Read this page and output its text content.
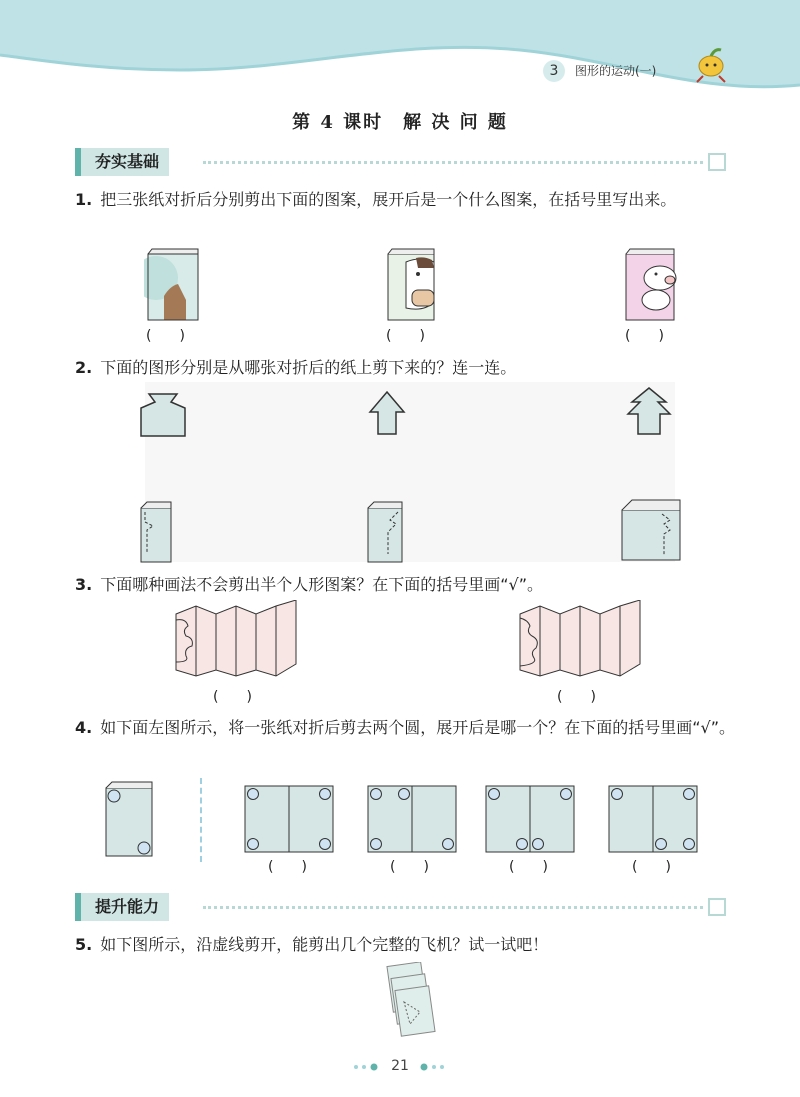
3	图形的运动(一)
第 4 课时　解 决 问 题
夯实基础
1. 把三张纸对折后分别剪出下面的图案，展开后是一个什么图案，在括号里写出来。
(　　)	(　　)	(　　)
2. 下面的图形分别是从哪张对折后的纸上剪下来的？连一连。
3. 下面哪种画法不会剪出半个人形图案？在下面的括号里画“√”。
(　　)	(　　)
4. 如下面左图所示，将一张纸对折后剪去两个圆，展开后是哪一个？在下面的括号里画“√”。
(　　)	(　　)	(　　)	(　　)
提升能力
5. 如下图所示，沿虚线剪开，能剪出几个完整的飞机？试一试吧！
21
